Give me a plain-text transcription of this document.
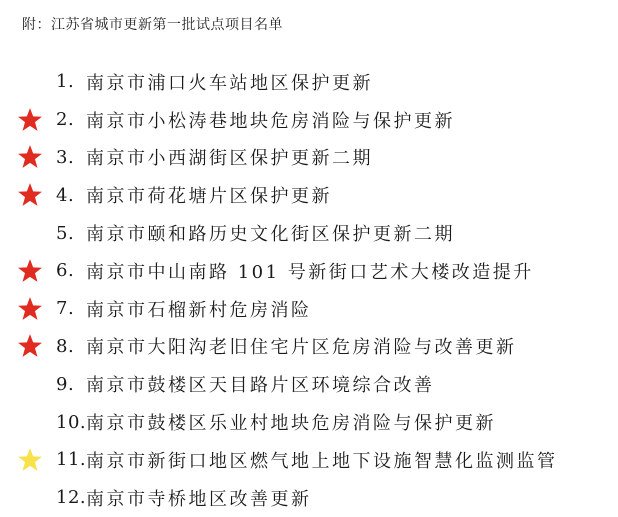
附：江苏省城市更新第一批试点项目名单
1. 南京市浦口火车站地区保护更新
2. 南京市小松涛巷地块危房消险与保护更新
3. 南京市小西湖街区保护更新二期
4. 南京市荷花塘片区保护更新
5. 南京市颐和路历史文化街区保护更新二期
6. 南京市中山南路 101 号新街口艺术大楼改造提升
7. 南京市石榴新村危房消险
8. 南京市大阳沟老旧住宅片区危房消险与改善更新
9. 南京市鼓楼区天目路片区环境综合改善
10. 南京市鼓楼区乐业村地块危房消险与保护更新
11. 南京市新街口地区燃气地上地下设施智慧化监测监管
12. 南京市寺桥地区改善更新
